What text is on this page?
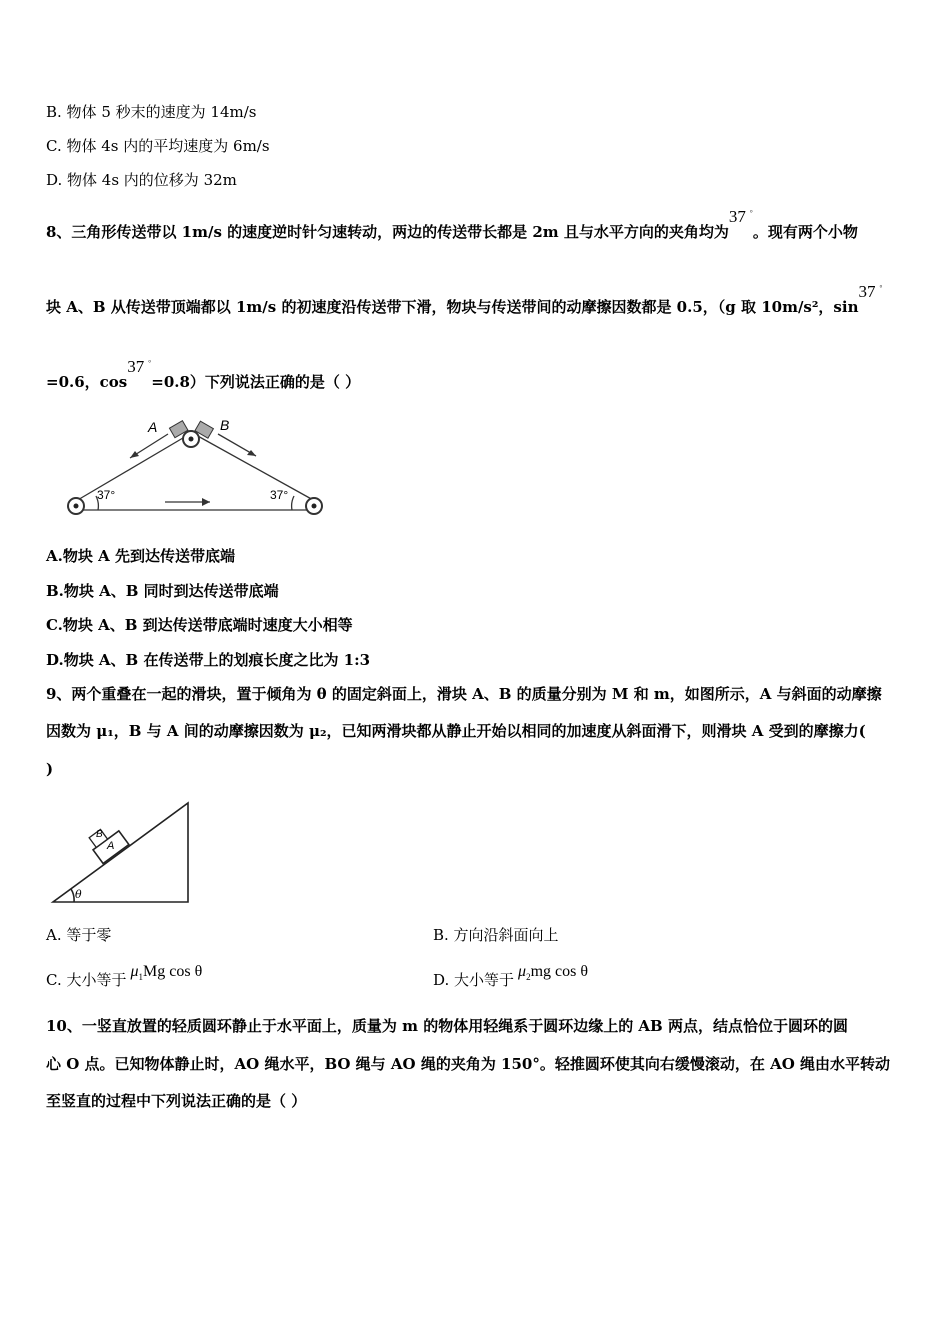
B. 物体 5 秒末的速度为 14m/s
C. 物体 4s 内的平均速度为 6m/s
D. 物体 4s 内的位移为 32m
8、三角形传送带以 1m/s 的速度逆时针匀速转动，两边的传送带长都是 2m 且与水平方向的夹角均为
37 °
。现有两个小物
块 A、B 从传送带顶端都以 1m/s 的初速度沿传送带下滑，物块与传送带间的动摩擦因数都是 0.5，（g 取 10m/s²，sin
37 °
=0.6，cos
37 °
=0.8）下列说法正确的是（ ）
A	B
37°	37°
A.物块 A 先到达传送带底端
B.物块 A、B 同时到达传送带底端
C.物块 A、B 到达传送带底端时速度大小相等
D.物块 A、B 在传送带上的划痕长度之比为 1:3
9、两个重叠在一起的滑块，置于倾角为 θ 的固定斜面上，滑块 A、B 的质量分别为 M 和 m，如图所示，A 与斜面的动摩擦
因数为 μ₁，B 与 A 间的动摩擦因数为 μ₂，已知两滑块都从静止开始以相同的加速度从斜面滑下，则滑块 A 受到的摩擦力(
)
A
B
θ
A. 等于零	B. 方向沿斜面向上
C. 大小等于 $\mu_1Mg$ cos θ	D. 大小等于 $\mu_2mg$ cos θ
10、一竖直放置的轻质圆环静止于水平面上，质量为 m 的物体用轻绳系于圆环边缘上的 AB 两点，结点恰位于圆环的圆
心 O 点。已知物体静止时，AO 绳水平，BO 绳与 AO 绳的夹角为 150°。轻推圆环使其向右缓慢滚动，在 AO 绳由水平转动
至竖直的过程中下列说法正确的是（ ）
